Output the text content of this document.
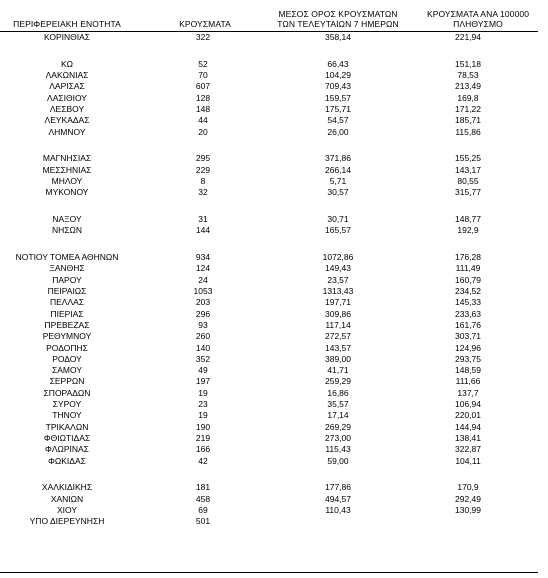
ΠΕΡΙΦΕΡΕΙΑΚΗ ΕΝΟΤΗΤΑ	ΚΡΟΥΣΜΑΤΑ
ΜΕΣΟΣ ΟΡΟΣ ΚΡΟΥΣΜΑΤΩΝ
ΤΩΝ ΤΕΛΕΥΤΑΙΩΝ 7 ΗΜΕΡΩΝ
ΚΡΟΥΣΜΑΤΑ ΑΝΑ 100000
ΠΛΗΘΥΣΜΟ
ΚΟΡΙΝΘΙΑΣ	322	358,14	221,94
ΚΩ	52	66,43	151,18
ΛΑΚΩΝΙΑΣ	70	104,29	78,53
ΛΑΡΙΣΑΣ	607	709,43	213,49
ΛΑΣΙΘΙΟΥ	128	159,57	169,8
ΛΕΣΒΟΥ	148	175,71	171,22
ΛΕΥΚΑΔΑΣ	44	54,57	185,71
ΛΗΜΝΟΥ	20	26,00	115,86
ΜΑΓΝΗΣΙΑΣ	295	371,86	155,25
ΜΕΣΣΗΝΙΑΣ	229	266,14	143,17
ΜΗΛΟΥ	8	5,71	80,55
ΜΥΚΟΝΟΥ	32	30,57	315,77
ΝΑΞΟΥ	31	30,71	148,77
ΝΗΣΩΝ	144	165,57	192,9
ΝΟΤΙΟΥ ΤΟΜΕΑ ΑΘΗΝΩΝ	934	1072,86	176,28
ΞΑΝΘΗΣ	124	149,43	111,49
ΠΑΡΟΥ	24	23,57	160,79
ΠΕΙΡΑΙΩΣ	1053	1313,43	234,52
ΠΕΛΛΑΣ	203	197,71	145,33
ΠΙΕΡΙΑΣ	296	309,86	233,63
ΠΡΕΒΕΖΑΣ	93	117,14	161,76
ΡΕΘΥΜΝΟΥ	260	272,57	303,71
ΡΟΔΟΠΗΣ	140	143,57	124,96
ΡΟΔΟΥ	352	389,00	293,75
ΣΑΜΟΥ	49	41,71	148,59
ΣΕΡΡΩΝ	197	259,29	111,66
ΣΠΟΡΑΔΩΝ	19	16,86	137,7
ΣΥΡΟΥ	23	35,57	106,94
ΤΗΝΟΥ	19	17,14	220,01
ΤΡΙΚΑΛΩΝ	190	269,29	144,94
ΦΘΙΩΤΙΔΑΣ	219	273,00	138,41
ΦΛΩΡΙΝΑΣ	166	115,43	322,87
ΦΩΚΙΔΑΣ	42	59,00	104,11
ΧΑΛΚΙΔΙΚΗΣ	181	177,86	170,9
ΧΑΝΙΩΝ	458	494,57	292,49
ΧΙΟΥ	69	110,43	130,99
ΥΠΟ ΔΙΕΡΕΥΝΗΣΗ	501
